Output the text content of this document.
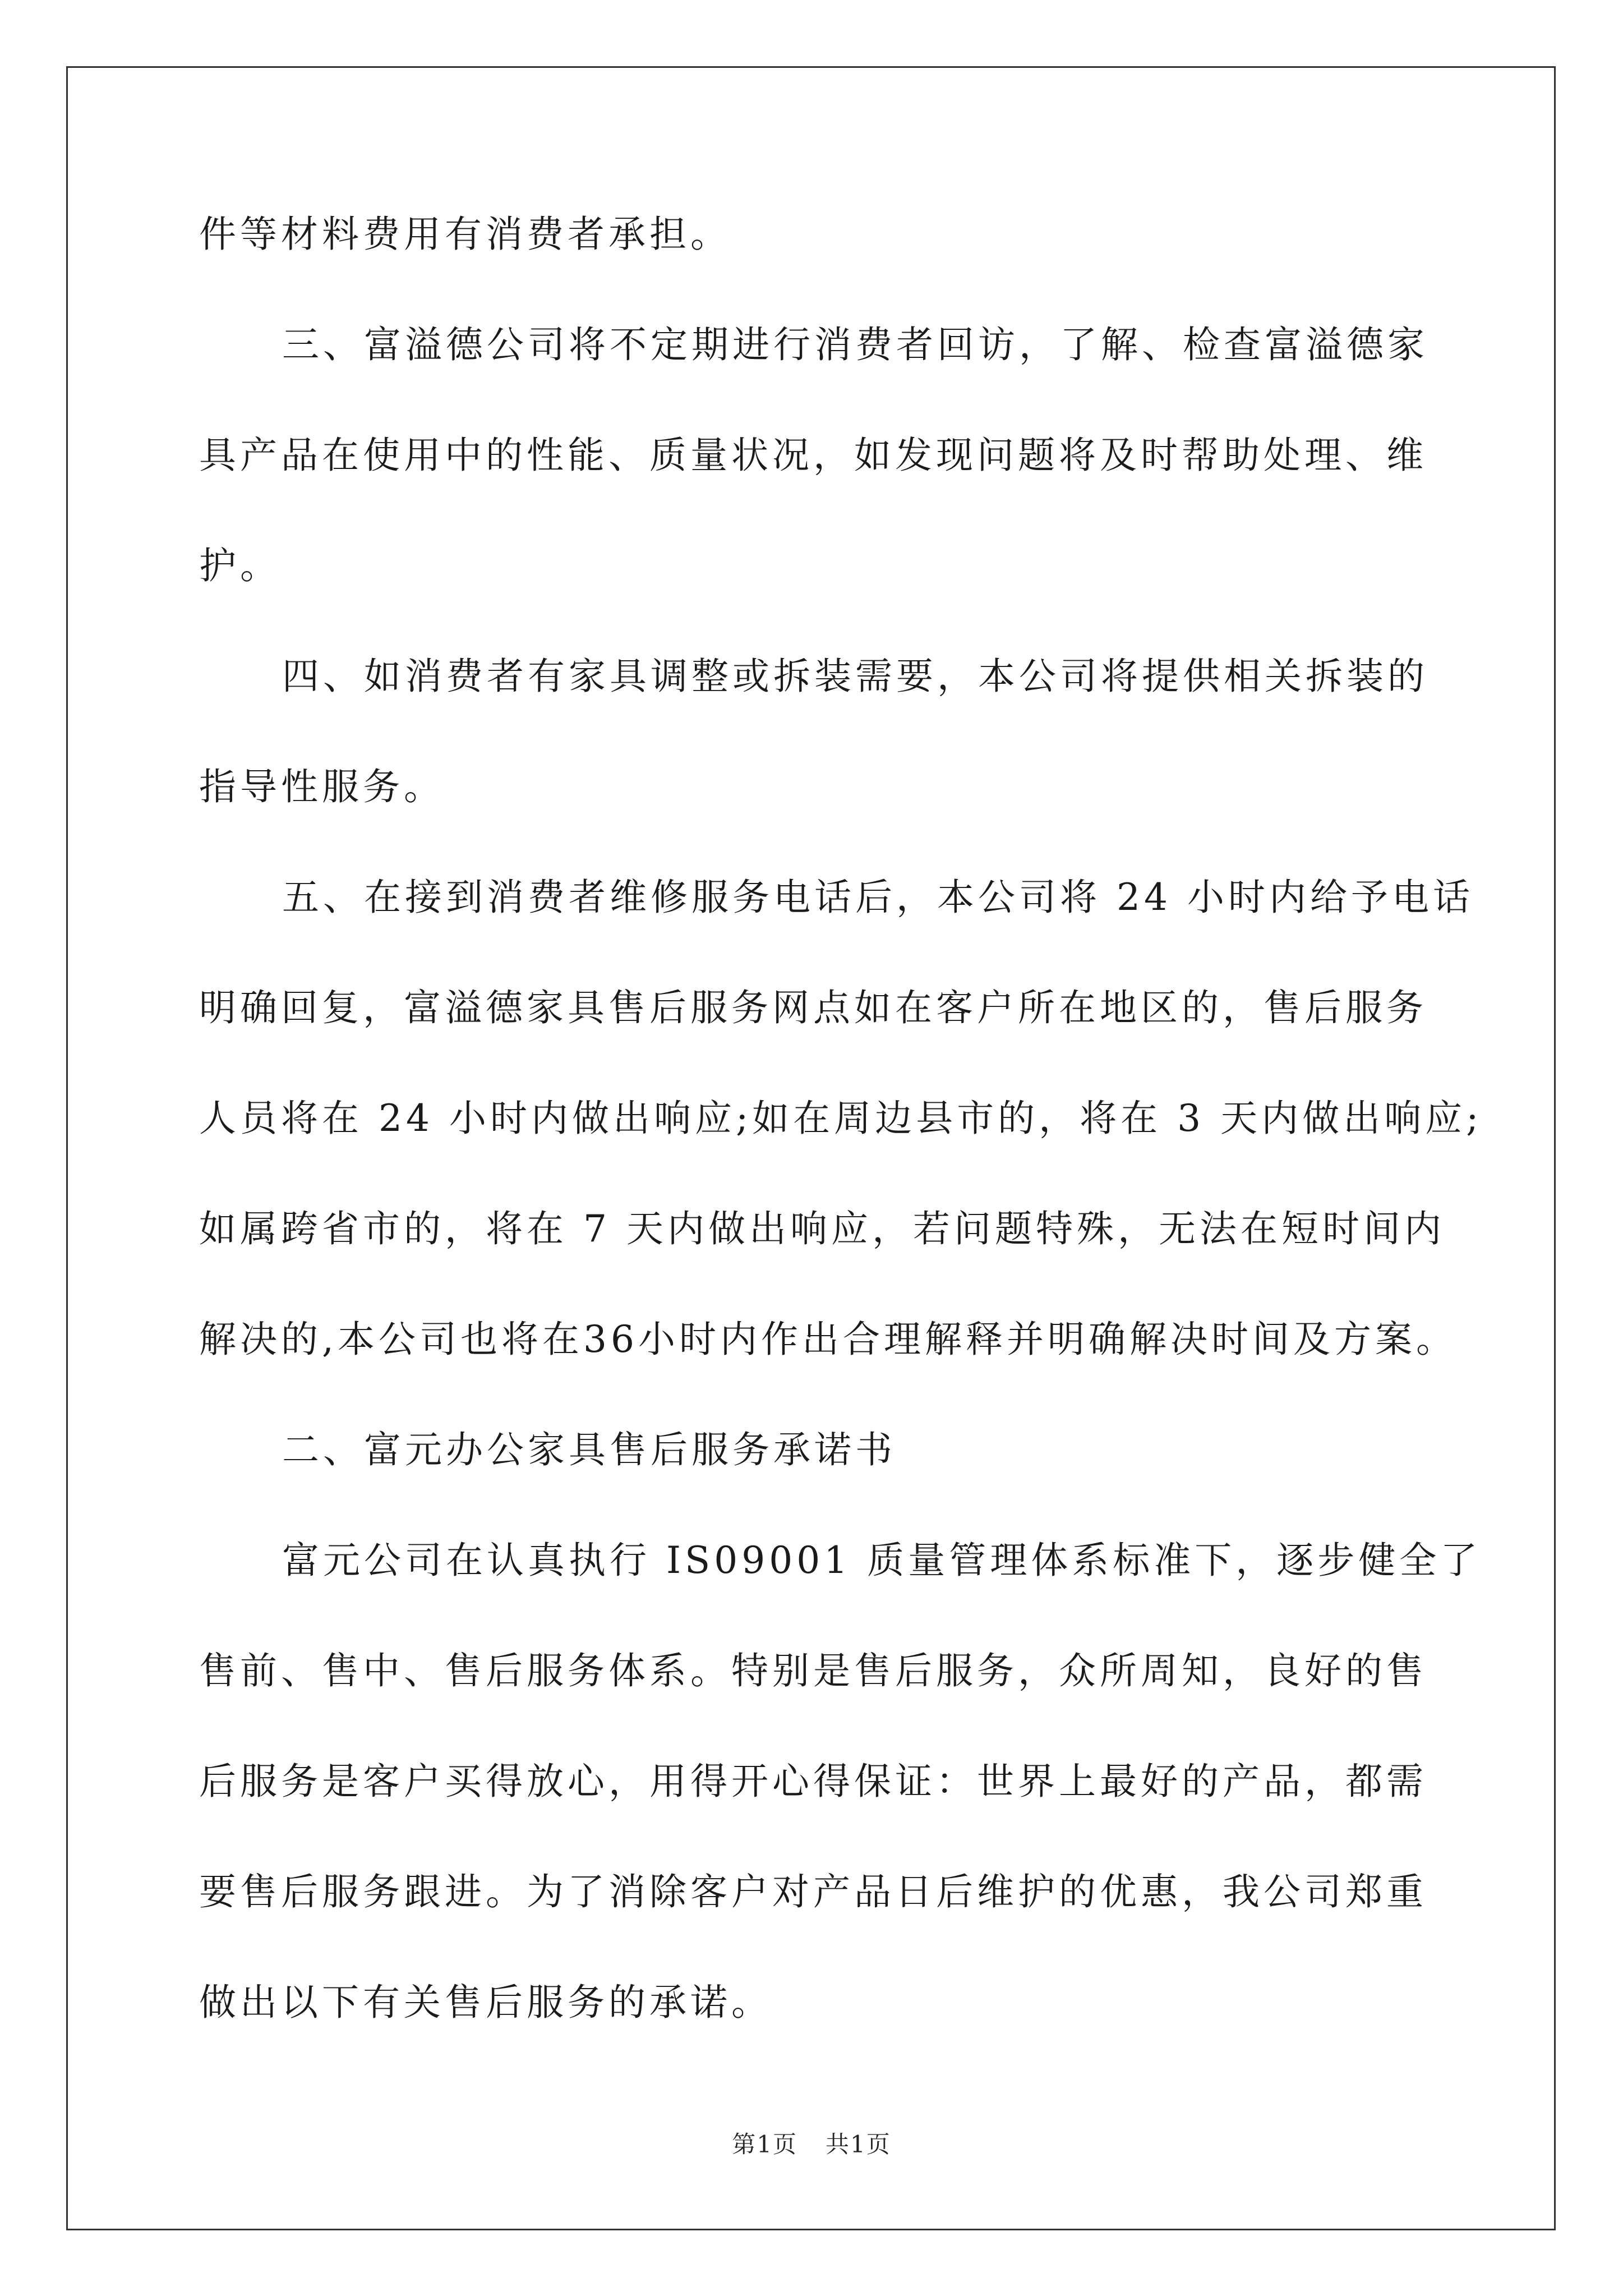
件等材料费用有消费者承担。
三、富溢德公司将不定期进行消费者回访，了解、检查富溢德家
具产品在使用中的性能、质量状况，如发现问题将及时帮助处理、维
护。
四、如消费者有家具调整或拆装需要，本公司将提供相关拆装的
指导性服务。
五、在接到消费者维修服务电话后，本公司将 24 小时内给予电话
明确回复，富溢德家具售后服务网点如在客户所在地区的，售后服务
人员将在 24 小时内做出响应;如在周边县市的，将在 3 天内做出响应;
如属跨省市的，将在 7 天内做出响应，若问题特殊，无法在短时间内
解决的,本公司也将在36小时内作出合理解释并明确解决时间及方案。
二、富元办公家具售后服务承诺书
富元公司在认真执行 IS09001 质量管理体系标准下，逐步健全了
售前、售中、售后服务体系。特别是售后服务，众所周知，良好的售
后服务是客户买得放心，用得开心得保证：世界上最好的产品，都需
要售后服务跟进。为了消除客户对产品日后维护的优惠，我公司郑重
做出以下有关售后服务的承诺。
第1页 共1页
